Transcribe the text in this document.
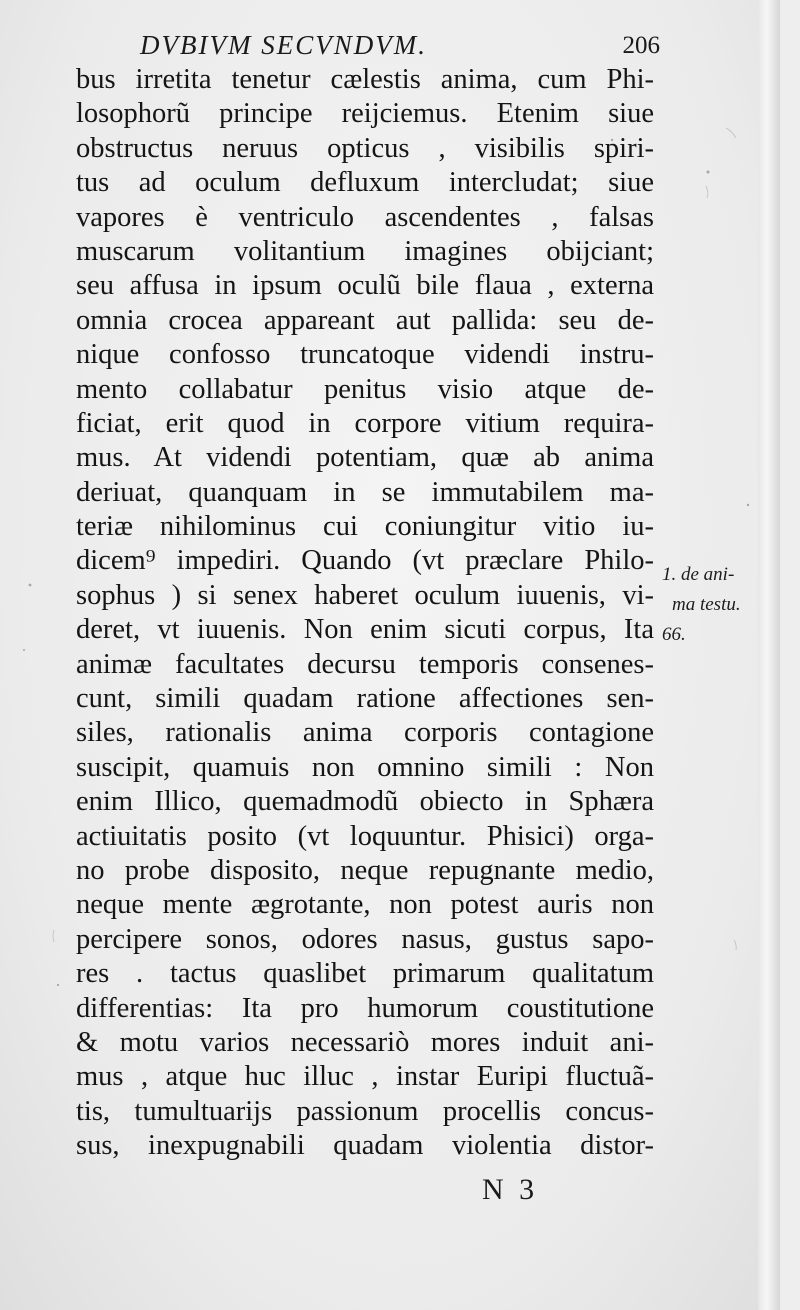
DVBIVM SECVNDVM.	206
bus irretita tenetur cælestis anima, cum Phi-
losophorũ principe reijciemus. Etenim siue
obstructus neruus opticus , visibilis spiri-
tus ad oculum defluxum intercludat; siue
vapores è ventriculo ascendentes , falsas
muscarum volitantium imagines obijciant;
seu affusa in ipsum oculũ bile flaua , externa
omnia crocea appareant aut pallida: seu de-
nique confosso truncatoque videndi instru-
mento collabatur penitus visio atque de-
ficiat, erit quod in corpore vitium requira-
mus. At videndi potentiam, quæ ab anima
deriuat, quanquam in se immutabilem ma-
teriæ nihilominus cui coniungitur vitio iu-
dicem⁹ impediri. Quando (vt præclare Philo-
sophus ) si senex haberet oculum iuuenis, vi-
deret, vt iuuenis. Non enim sicuti corpus, Ita
animæ facultates decursu temporis consenes-
cunt, simili quadam ratione affectiones sen-
siles, rationalis anima corporis contagione
suscipit, quamuis non omnino simili : Non
enim Illico, quemadmodũ obiecto in Sphæra
actiuitatis posito (vt loquuntur. Phisici) orga-
no probe disposito, neque repugnante medio,
neque mente ægrotante, non potest auris non
percipere sonos, odores nasus, gustus sapo-
res . tactus quaslibet primarum qualitatum
differentias: Ita pro humorum coustitutione
& motu varios necessariò mores induit ani-
mus , atque huc illuc , instar Euripi fluctuã-
tis, tumultuarijs passionum procellis concus-
sus, inexpugnabili quadam violentia distor-
1. de ani-
ma testu.
66.
N 3
